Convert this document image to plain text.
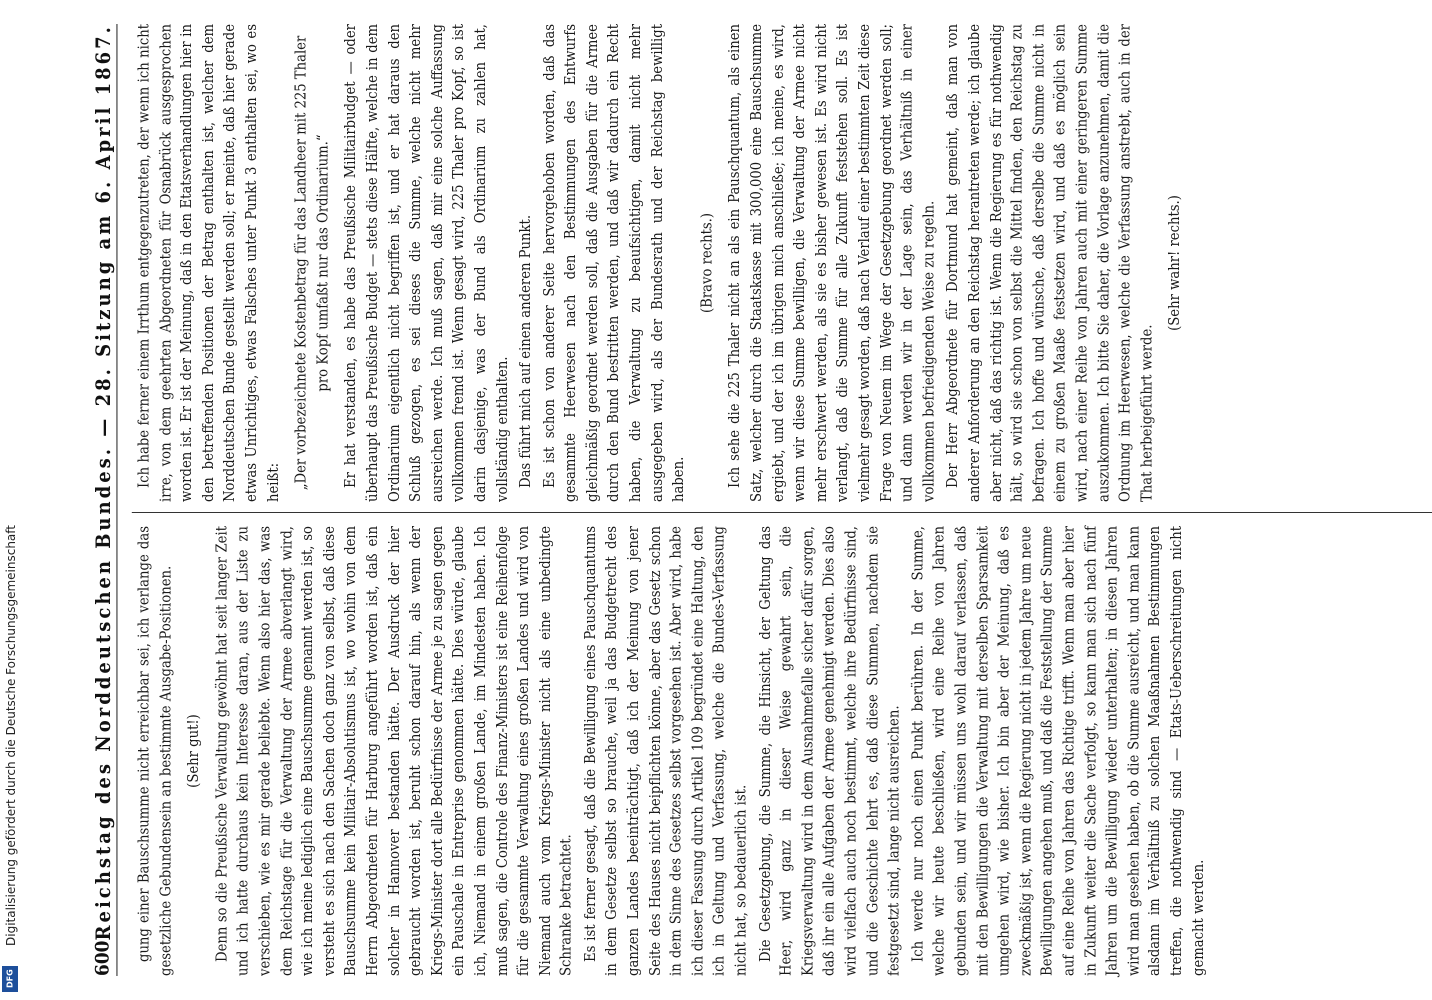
600
Reichstag des Norddeutschen Bundes. — 28. Sitzung am 6. April 1867. gung einer Bauschsumme nicht erreichbar sei, ich verlange das gesetzliche Gebundensein an bestimmte Ausgabe-Positionen. (Sehr gut!) Denn so die Preußische Verwaltung gewöhnt hat seit langer Zeit und ich hatte durchaus kein Interesse daran, aus der Liste zu verschieben, wie es mir gerade beliebte. Wenn also hier das, was dem Reichstage für die Verwaltung der Armee abverlangt wird, wie ich meine lediglich eine Bauschsumme genannt werden ist, so versteht es sich nach den Sachen doch ganz von selbst, daß diese Bauschsumme kein Militair-Absolutismus ist, wo wohin von dem Herrn Abgeordneten für Harburg angeführt worden ist, daß ein solcher in Hannover bestanden hätte. Der Ausdruck der hier gebraucht worden ist, beruht schon darauf hin, als wenn der Kriegs-Minister dort alle Bedürfnisse der Armee je zu sagen gegen ein Pauschale in Entreprise genommen hätte. Dies würde, glaube ich, Niemand in einem großen Lande, im Mindesten haben. Ich muß sagen, die Controle des Finanz-Ministers ist eine Reihenfolge für die gesammte Verwaltung eines großen Landes und wird von Niemand auch vom Kriegs-Minister nicht als eine unbedingte Schranke betrachtet. Es ist ferner gesagt, daß die Bewilligung eines Pauschquantums in dem Gesetze selbst so brauche, weil ja das Budgetrecht des ganzen Landes beeinträchtigt, daß ich der Meinung von jener Seite des Hauses nicht beipflichten könne, aber das Gesetz schon in dem Sinne des Gesetzes selbst vorgesehen ist. Aber wird, habe ich dieser Fassung durch Artikel 109 begründet eine Haltung, den ich in Geltung und Verfassung, welche die Bundes-Verfassung nicht hat, so bedauerlich ist. Die Gesetzgebung, die Summe, die Hinsicht, der Geltung das Heer, wird ganz in dieser Weise gewahrt sein, die Kriegsverwaltung wird in dem Ausnahmefalle sicher dafür sorgen, daß ihr ein alle Aufgaben der Armee genehmigt werden. Dies also wird vielfach auch noch bestimmt, welche ihre Bedürfnisse sind, und die Geschichte lehrt es, daß diese Summen, nachdem sie festgesetzt sind, lange nicht ausreichen. Ich werde nur noch einen Punkt berühren. In der Summe, welche wir heute beschließen, wird eine Reihe von Jahren gebunden sein, und wir müssen uns wohl darauf verlassen, daß mit den Bewilligungen die Verwaltung mit derselben Sparsamkeit umgehen wird, wie bisher. Ich bin aber der Meinung, daß es zweckmäßig ist, wenn die Regierung nicht in jedem Jahre um neue Bewilligungen angehen muß, und daß die Feststellung der Summe auf eine Reihe von Jahren das Richtige trifft. Wenn man aber hier in Zukunft weiter die Sache verfolgt, so kann man sich nach fünf Jahren um die Bewilligung wieder unterhalten; in diesen Jahren wird man gesehen haben, ob die Summe ausreicht, und man kann alsdann im Verhältniß zu solchen Maaßnahmen Bestimmungen treffen, die nothwendig sind — Etats-Ueberschreitungen nicht gemacht werden.

Ich habe ferner einem Irrthum entgegenzutreten, der wenn ich nicht irre, von dem geehrten Abgeordneten für Osnabrück ausgesprochen worden ist. Er ist der Meinung, daß in den Etatsverhandlungen hier in den betreffenden Positionen der Betrag enthalten ist, welcher dem Norddeutschen Bunde gestellt werden soll; er meinte, daß hier gerade etwas Unrichtiges, etwas Falsches unter Punkt 3 enthalten sei, wo es heißt: „Der vorbezeichnete Kostenbetrag für das Landheer mit 225 Thaler pro Kopf umfaßt nur das Ordinarium.“ Er hat verstanden, es habe das Preußische Militairbudget — oder überhaupt das Preußische Budget — stets diese Hälfte, welche in dem Ordinarium eigentlich nicht begriffen ist, und er hat daraus den Schluß gezogen, es sei dieses die Summe, welche nicht mehr ausreichen werde. Ich muß sagen, daß mir eine solche Auffassung vollkommen fremd ist. Wenn gesagt wird, 225 Thaler pro Kopf, so ist darin dasjenige, was der Bund als Ordinarium zu zahlen hat, vollständig enthalten. Das führt mich auf einen anderen Punkt. Es ist schon von anderer Seite hervorgehoben worden, daß das gesammte Heerwesen nach den Bestimmungen des Entwurfs gleichmäßig geordnet werden soll, daß die Ausgaben für die Armee durch den Bund bestritten werden, und daß wir dadurch ein Recht haben, die Verwaltung zu beaufsichtigen, damit nicht mehr ausgegeben wird, als der Bundesrath und der Reichstag bewilligt haben.

(Bravo rechts.) Ich sehe die 225 Thaler nicht an als ein Pauschquantum, als einen Satz, welcher durch die Staatskasse mit 300,000 eine Bauschsumme ergiebt, und der ich im übrigen mich anschließe; ich meine, es wird, wenn wir diese Summe bewilligen, die Verwaltung der Armee nicht mehr erschwert werden, als sie es bisher gewesen ist. Es wird nicht verlangt, daß die Summe für alle Zukunft feststehen soll. Es ist vielmehr gesagt worden, daß nach Verlauf einer bestimmten Zeit diese Frage von Neuem im Wege der Gesetzgebung geordnet werden soll; und dann werden wir in der Lage sein, das Verhältniß in einer vollkommen befriedigenden Weise zu regeln. Der Herr Abgeordnete für Dortmund hat gemeint, daß man von anderer Anforderung an den Reichstag herantreten werde; ich glaube aber nicht, daß das richtig ist. Wenn die Regierung es für nothwendig hält, so wird sie schon von selbst die Mittel finden, den Reichstag zu befragen. Ich hoffe und wünsche, daß derselbe die Summe nicht in einem zu großen Maaße festsetzen wird, und daß es möglich sein wird, nach einer Reihe von Jahren auch mit einer geringeren Summe auszukommen. Ich bitte Sie daher, die Vorlage anzunehmen, damit die Ordnung im Heerwesen, welche die Verfassung anstrebt, auch in der That herbeigeführt werde.

(Sehr wahr! rechts.)

Digitalisierung gefördert durch die Deutsche Forschungsgemeinschaft
DFG
